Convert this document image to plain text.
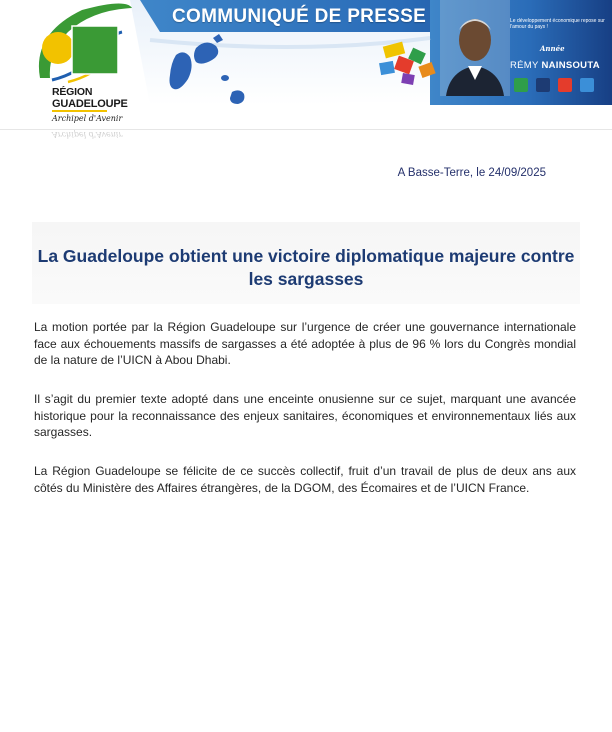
COMMUNIQUÉ DE PRESSE	Le développement économique repose sur l'amour du pays !
Année
RÉMY NAINSOUTA
RÉGION
GUADELOUPE
Archipel d'Avenir
Archipel d'Avenir
A Basse-Terre, le 24/09/2025
La Guadeloupe obtient une victoire diplomatique majeure contre les sargasses

La motion portée par la Région Guadeloupe sur l’urgence de créer une gouvernance internationale face aux échouements massifs de sargasses a été adoptée à plus de 96 % lors du Congrès mondial de la nature de l’UICN à Abou Dhabi.

Il s’agit du premier texte adopté dans une enceinte onusienne sur ce sujet, marquant une avancée historique pour la reconnaissance des enjeux sanitaires, économiques et environnementaux liés aux sargasses.

La Région Guadeloupe se félicite de ce succès collectif, fruit d’un travail de plus de deux ans aux côtés du Ministère des Affaires étrangères, de la DGOM, des Écomaires et de l’UICN France.
